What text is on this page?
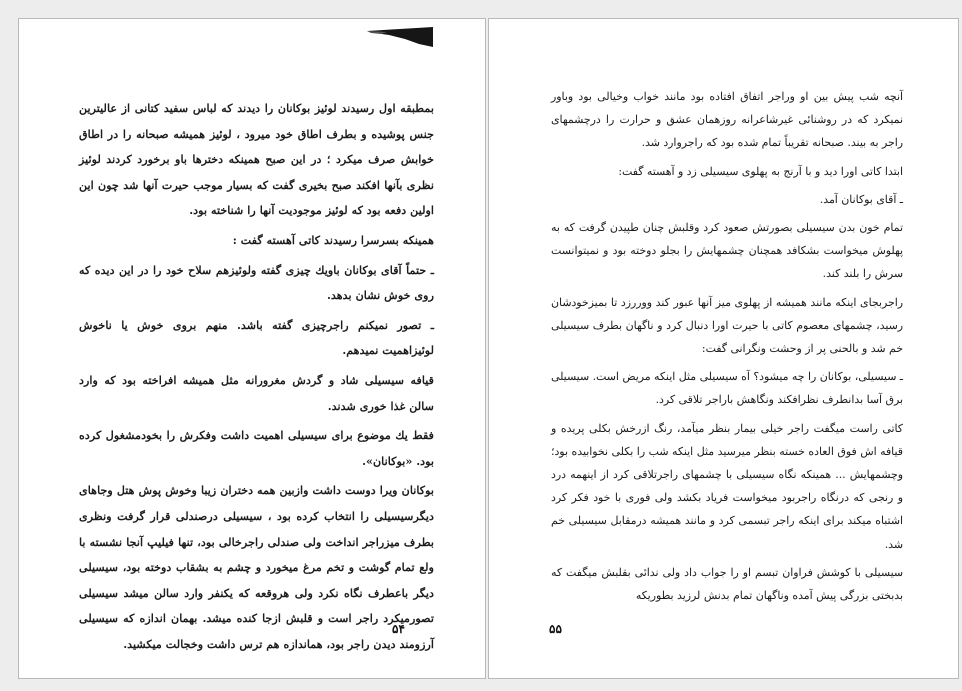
بمطبقه اول رسیدند لوئیز بوکانان را دیدند که لباس سفید کتانی از عالیترین جنس پوشیده و بطرف اطاق خود میرود ، لوئیز همیشه صبحانه را در اطاق خوابش صرف میکرد ؛ در این صبح همینکه دخترها باو برخورد کردند لوئیز نظری بآنها افکند صبح بخیری گفت که بسیار موجب حیرت آنها شد چون این اولین دفعه بود که لوئیز موجودیت آنها را شناخته بود.

همینکه بسرسرا رسیدند کاتی آهسته گفت :

ـ حتماً آقای بوکانان باویك چیزی گفته ولوئیزهم سلاح خود را در این دیده که روی خوش نشان بدهد.

ـ تصور نمیکنم راجرچیزی گفته باشد. منهم بروی خوش یا ناخوش لوئیزاهمیت نمیدهم.

قیافه سیسیلی شاد و گردش مغرورانه مثل همیشه افراخته بود که وارد سالن غذا خوری شدند.

فقط یك موضوع برای سیسیلی اهمیت داشت وفکرش را بخودمشغول کرده بود. «بوکانان».

بوکانان ویرا دوست داشت وازبین همه دختران زیبا وخوش پوش هتل وجاهای دیگرسیسیلی را انتخاب کرده بود ، سیسیلی درصندلی قرار گرفت ونظری بطرف میزراجر انداخت ولی صندلی راجرخالی بود، تنها فیلیپ آنجا نشسته با ولع تمام گوشت و تخم مرغ میخورد و چشم به بشقاب دوخته بود، سیسیلی دیگر باعطرف نگاه نکرد ولی هروقعه که یکنفر وارد سالن میشد سیسیلی تصورمیکرد راجر است و قلبش ازجا کنده میشد. بهمان اندازه که سیسیلی آرزومند دیدن راجر بود، هماندازه هم ترس داشت وخجالت میکشید.

۵۴

آنچه شب پیش بین او وراجر اتفاق افتاده بود مانند خواب وخیالی بود وباور نمیکرد که در روشنائی غیرشاعرانه روزهمان عشق و حرارت را درچشمهای راجر به بیند. صبحانه تقریباً تمام شده بود که راجروارد شد.

ابتدا کاتی اورا دید و با آرنج به پهلوی سیسیلی زد و آهسته گفت:

ـ آقای بوکانان آمد.

تمام خون بدن سیسیلی بصورتش صعود کرد وقلبش چنان طپیدن گرفت که به پهلوش میخواست بشکافد همچنان چشمهایش را بجلو دوخته بود و نمیتوانست سرش را بلند کند.

راجربجای اینکه مانند همیشه از پهلوی میز آنها عبور کند ووررزد تا بمیزخودشان رسید، چشمهای معصوم کاتی با حیرت اورا دنبال کرد و ناگهان بطرف سیسیلی خم شد و بالحنی پر از وحشت ونگرانی گفت:

ـ سیسیلی، بوکانان را چه میشود؟ آه سیسیلی مثل اینکه مریض است. سیسیلی برق آسا بدانطرف نظرافکند ونگاهش باراجر تلاقی کرد.

کاتی راست میگفت راجر خیلی بیمار بنظر میآمد، رنگ ازرخش بکلی پریده و قیافه اش فوق العاده خسته بنظر میرسید مثل اینکه شب را بکلی نخوابیده بود؛ وچشمهایش ... همینکه نگاه سیسیلی با چشمهای راجرتلاقی کرد از اینهمه درد و رنجی که درنگاه راجربود میخواست فریاد بکشد ولی فوری با خود فکر کرد اشتباه میکند برای اینکه راجر تبسمی کرد و مانند همیشه درمقابل سیسیلی خم شد.

سیسیلی با کوشش فراوان تبسم او را جواب داد ولی ندائی بقلبش میگفت که بدبختی بزرگی پیش آمده وناگهان تمام بدنش لرزید بطوریکه

۵۵
